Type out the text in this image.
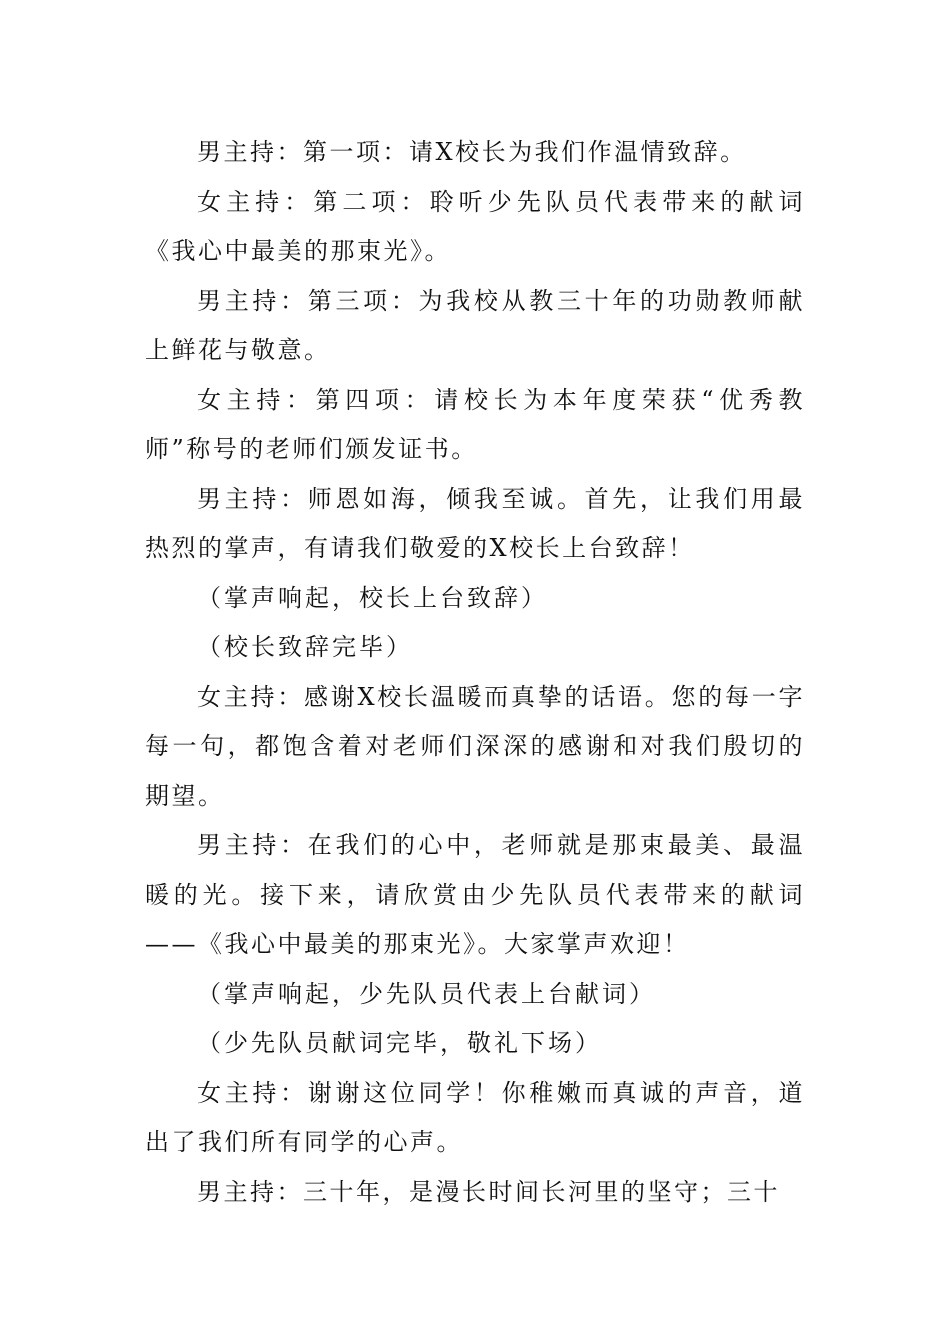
男主持：第一项：请X校长为我们作温情致辞。

女主持：第二项：聆听少先队员代表带来的献词《我心中最美的那束光》。

男主持：第三项：为我校从教三十年的功勋教师献上鲜花与敬意。

女主持：第四项：请校长为本年度荣获“优秀教师”称号的老师们颁发证书。

男主持：师恩如海，倾我至诚。首先，让我们用最热烈的掌声，有请我们敬爱的X校长上台致辞！

（掌声响起，校长上台致辞）

（校长致辞完毕）

女主持：感谢X校长温暖而真挚的话语。您的每一字每一句，都饱含着对老师们深深的感谢和对我们殷切的期望。

男主持：在我们的心中，老师就是那束最美、最温暖的光。接下来，请欣赏由少先队员代表带来的献词——《我心中最美的那束光》。大家掌声欢迎！

（掌声响起，少先队员代表上台献词）

（少先队员献词完毕，敬礼下场）

女主持：谢谢这位同学！你稚嫩而真诚的声音，道出了我们所有同学的心声。

男主持：三十年，是漫长时间长河里的坚守；三十
